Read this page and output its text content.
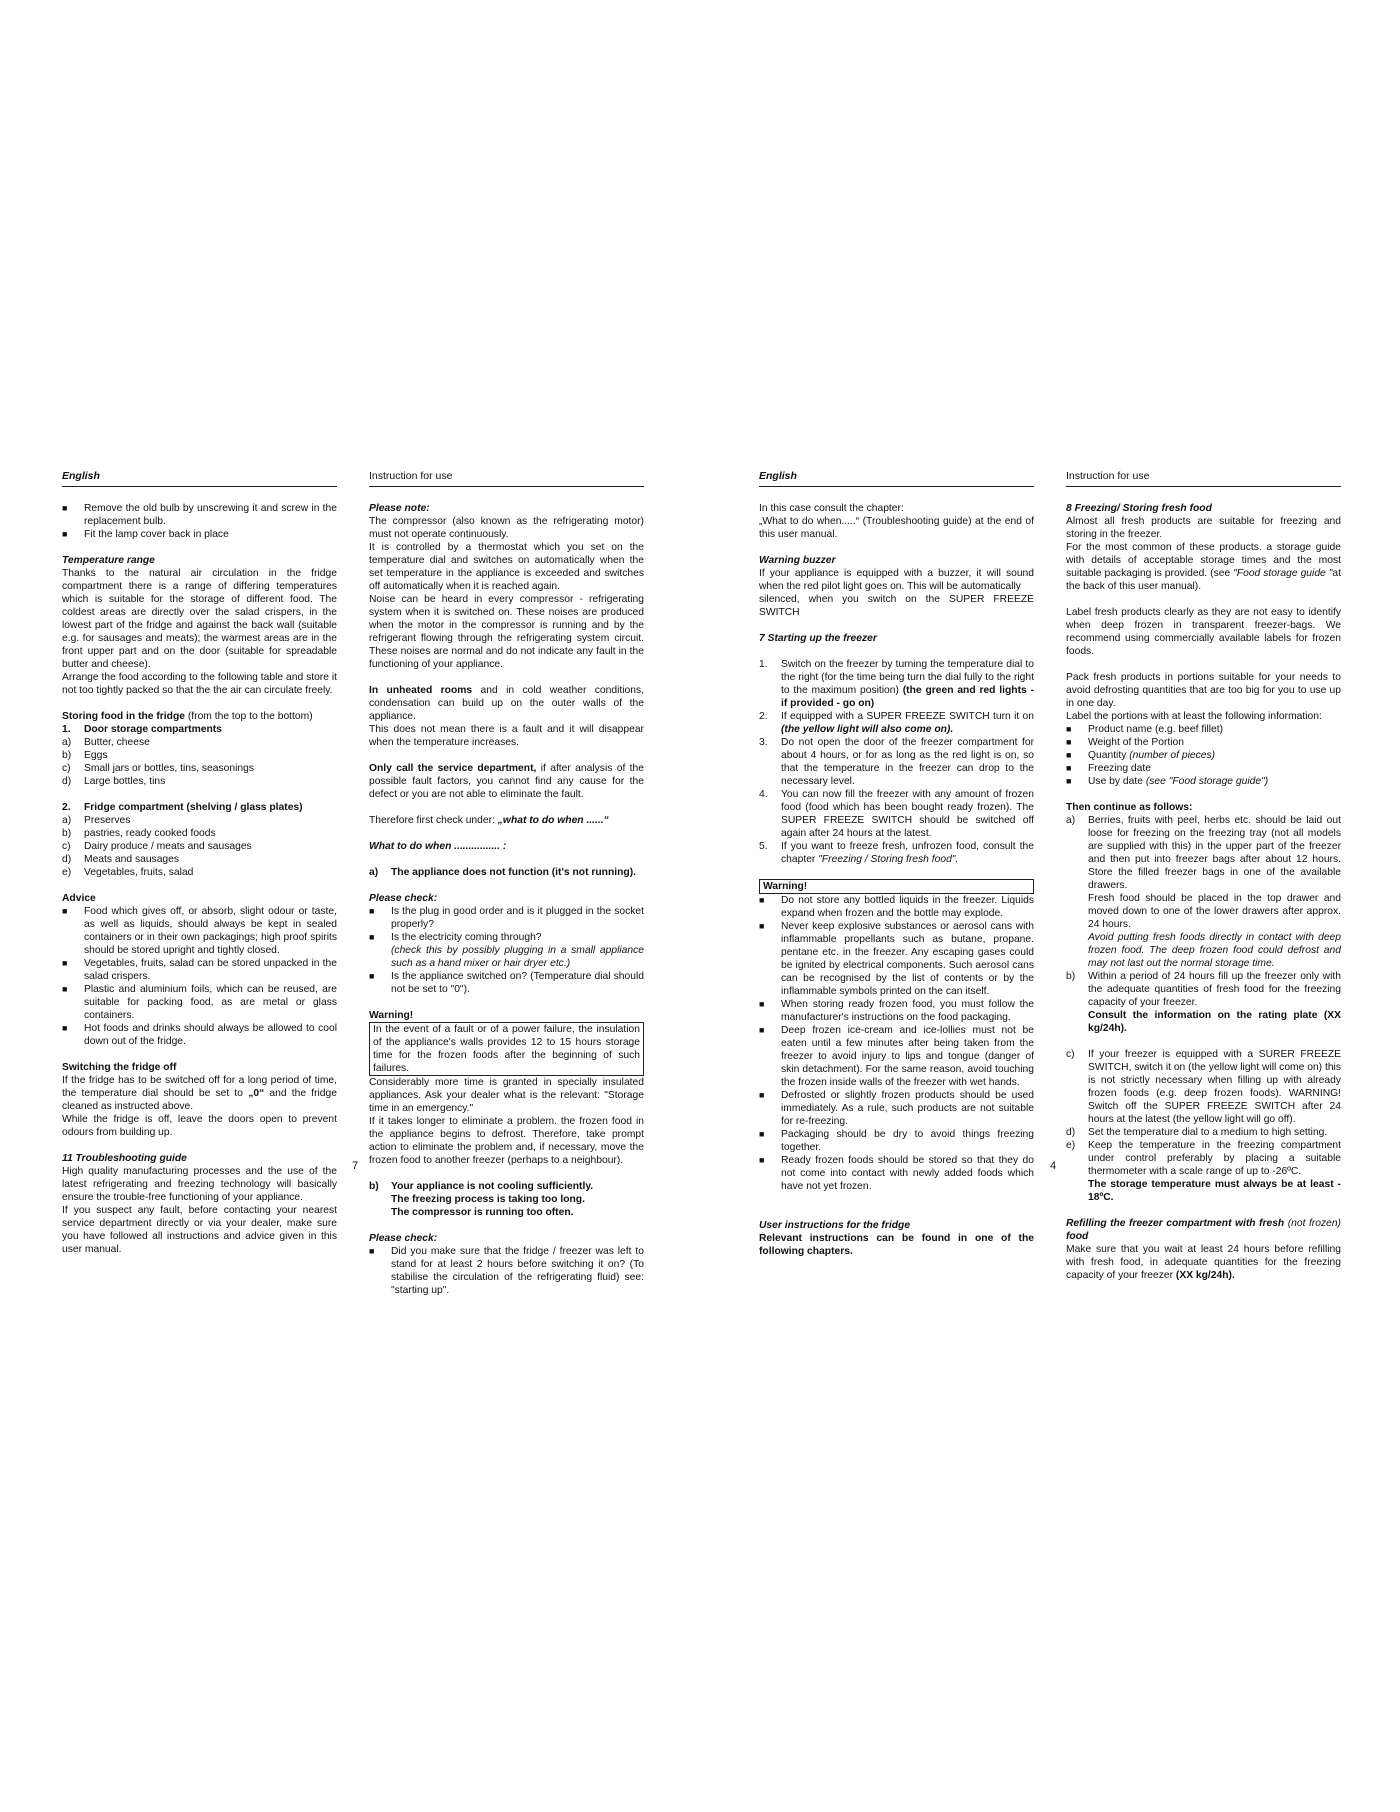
English
■	Remove the old bulb by unscrewing it and screw in the replacement bulb.
■	Fit the lamp cover back in place

Temperature range

Thanks to the natural air circulation in the fridge compartment there is a range of differing temperatures which is suitable for the storage of different food. The coldest areas are directly over the salad crispers, in the lowest part of the fridge and against the back wall (suitable e.g. for sausages and meats); the warmest areas are in the front upper part and on the door (suitable for spreadable butter and cheese).

Arrange the food according to the following table and store it not too tightly packed so that the the air can circulate freely.

Storing food in the fridge (from the top to the bottom)

1.	Door storage compartments
a)	Butter, cheese
b)	Eggs
c)	Small jars or bottles, tins, seasonings
d)	Large bottles, tins
2.	Fridge compartment (shelving / glass plates)
a)	Preserves
b)	pastries, ready cooked foods
c)	Dairy produce / meats and sausages
d)	Meats and sausages
e)	Vegetables, fruits, salad

Advice

■	Food which gives off, or absorb, slight odour or taste, as well as liquids, should always be kept in sealed containers or in their own packagings; high proof spirits should be stored upright and tightly closed.
■	Vegetables, fruits, salad can be stored unpacked in the salad crispers.
■	Plastic and aluminium foils, which can be reused, are suitable for packing food, as are metal or glass containers.
■	Hot foods and drinks should always be allowed to cool down out of the fridge.

Switching the fridge off

If the fridge has to be switched off for a long period of time, the temperature dial should be set to „0“ and the fridge cleaned as instructed above.

While the fridge is off, leave the doors open to prevent odours from building up.

11 Troubleshooting guide

High quality manufacturing processes and the use of the latest refrigerating and freezing technology will basically ensure the trouble-free functioning of your appliance.

If you suspect any fault, before contacting your nearest service department directly or via your dealer, make sure you have followed all instructions and advice given in this user manual.

Instruction for use

Please note:

The compressor (also known as the refrigerating motor) must not operate continuously.

It is controlled by a thermostat which you set on the temperature dial and switches on automatically when the set temperature in the appliance is exceeded and switches off automatically when it is reached again.

Noise can be heard in every compressor - refrigerating system when it is switched on. These noises are produced when the motor in the compressor is running and by the refrigerant flowing through the refrigerating system circuit. These noises are normal and do not indicate any fault in the functioning of your appliance.

In unheated rooms and in cold weather conditions, condensation can build up on the outer walls of the appliance.

This does not mean there is a fault and it will disappear when the temperature increases.

Only call the service department, if after analysis of the possible fault factors, you cannot find any cause for the defect or you are not able to eliminate the fault.

Therefore first check under: „what to do when ......“

What to do when ................ :

a)	The appliance does not function (it's not running).

Please check:

■	Is the plug in good order and is it plugged in the socket properly?
■	Is the electricity coming through?

(check this by possibly plugging in a small appliance such as a hand mixer or hair dryer etc.)

■	Is the appliance switched on? (Temperature dial should not be set to "0").

Warning!

In the event of a fault or of a power failure, the insulation of the appliance's walls provides 12 to 15 hours storage time for the frozen foods after the beginning of such failures.

Considerably more time is granted in specially insulated appliances. Ask your dealer what is the relevant: "Storage time in an emergency."

If it takes longer to eliminate a problem. the frozen food in the appliance begins to defrost. Therefore, take prompt action to eliminate the problem and, if necessary, move the frozen food to another freezer (perhaps to a neighbour).

b)	Your appliance is not cooling sufficiently.
The freezing process is taking too long.
The compressor is running too often.

Please check:

■	Did you make sure that the fridge / freezer was left to stand for at least 2 hours before switching it on? (To stabilise the circulation of the refrigerating fluid) see: "starting up".
7
English

In this case consult the chapter:

„What to do when.....“ (Troubleshooting guide) at the end of this user manual.

Warning buzzer

If your appliance is equipped with a buzzer, it will sound when the red pilot light goes on. This will be automatically

silenced, when you switch on the SUPER FREEZE SWITCH

7 Starting up the freezer

1.	Switch on the freezer by turning the temperature dial to the right (for the time being turn the dial fully to the right to the maximum position) (the green and red lights - if provided - go on)
2.	If equipped with a SUPER FREEZE SWITCH turn it on (the yellow light will also come on).
3.	Do not open the door of the freezer compartment for about 4 hours, or for as long as the red light is on, so that the temperature in the freezer can drop to the necessary level.
4.	You can now fill the freezer with any amount of frozen food (food which has been bought ready frozen). The SUPER FREEZE SWITCH should be switched off again after 24 hours at the latest.
5.	If you want to freeze fresh, unfrozen food, consult the chapter "Freezing / Storing fresh food".

Warning!

■	Do not store any bottled liquids in the freezer. Liquids expand when frozen and the bottle may explode.
■	Never keep explosive substances or aerosol cans with inflammable propellants such as butane, propane. pentane etc. in the freezer. Any escaping gases could be ignited by electrical components. Such aerosol cans can be recognised by the list of contents or by the inflammable symbols printed on the can itself.
■	When storing ready frozen food, you must follow the manufacturer's instructions on the food packaging.
■	Deep frozen ice-cream and ice-lollies must not be eaten until a few minutes after being taken from the freezer to avoid injury to lips and tongue (danger of skin detachment). For the same reason, avoid touching the frozen inside walls of the freezer with wet hands.
■	Defrosted or slightly frozen products should be used immediately. As a rule, such products are not suitable for re-freezing.
■	Packaging should be dry to avoid things freezing together.
■	Ready frozen foods should be stored so that they do not come into contact with newly added foods which have not yet frozen.

User instructions for the fridge

Relevant instructions can be found in one of the following chapters.

Instruction for use

8 Freezing/ Storing fresh food

Almost all fresh products are suitable for freezing and storing in the freezer.

For the most common of these products. a storage guide with details of acceptable storage times and the most suitable packaging is provided. (see "Food storage guide "at the back of this user manual).

Label fresh products clearly as they are not easy to identify when deep frozen in transparent freezer-bags. We recommend using commercially available labels for frozen foods.

Pack fresh products in portions suitable for your needs to avoid defrosting quantities that are too big for you to use up in one day.

Label the portions with at least the following information:

■	Product name (e.g. beef fillet)
■	Weight of the Portion
■	Quantity (number of pieces)
■	Freezing date
■	Use by date (see "Food storage guide")

Then continue as follows:

a)	Berries, fruits with peel, herbs etc. should be laid out loose for freezing on the freezing tray (not all models are supplied with this) in the upper part of the freezer and then put into freezer bags after about 12 hours. Store the filled freezer bags in one of the available drawers.
Fresh food should be placed in the top drawer and moved down to one of the lower drawers after approx. 24 hours.
Avoid putting fresh foods directly in contact with deep frozen food. The deep frozen food could defrost and may not last out the normal storage time.
b)	Within a period of 24 hours fill up the freezer only with the adequate quantities of fresh food for the freezing capacity of your freezer.
Consult the information on the rating plate (XX kg/24h).
c)	If your freezer is equipped with a SURER FREEZE SWITCH, switch it on (the yellow light will come on) this is not strictly necessary when filling up with already frozen foods (e.g. deep frozen foods). WARNING! Switch off the SUPER FREEZE SWITCH after 24 hours at the latest (the yellow light will go off).
d)	Set the temperature dial to a medium to high setting.
e)	Keep the temperature in the freezing compartment under control preferably by placing a suitable thermometer with a scale range of up to -26ºC.
The storage temperature must always be at least - 18ºC.

Refilling the freezer compartment with fresh (not frozen) food

Make sure that you wait at least 24 hours before refilling with fresh food, in adequate quantities for the freezing capacity of your freezer (XX kg/24h).

4
